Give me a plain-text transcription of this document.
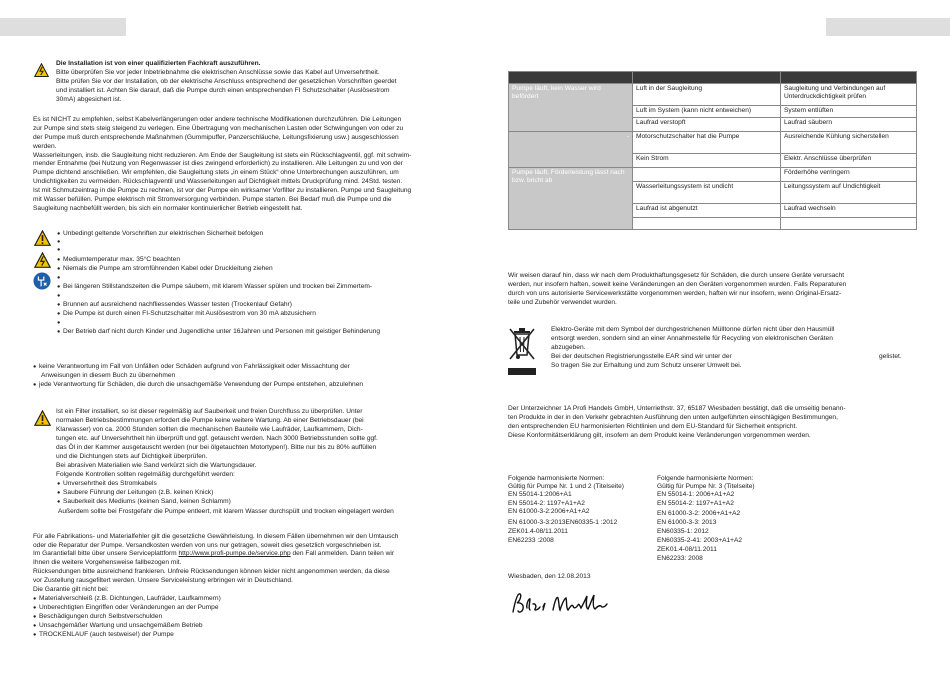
Die Installation ist von einer qualifizierten Fachkraft auszuführen.
Bitte überprüfen Sie vor jeder Inbetriebnahme die elektrischen Anschlüsse sowie das Kabel auf Unversehrtheit.
Bitte prüfen Sie vor der Installation, ob der elektrische Anschluss entsprechend der gesetzlichen Vorschriften geerdet
und installiert ist. Achten Sie darauf, daß die Pumpe durch einen entsprechenden FI Schutzschalter (Auslösestrom
30mA) abgesichert ist.
Es ist NICHT zu empfehlen, selbst Kabelverlängerungen oder andere technische Modifikationen durchzuführen. Die Leitungen
zur Pumpe sind stets steig steigend zu verlegen. Eine Übertragung von mechanischen Lasten oder Schwingungen von oder zu
der Pumpe muß durch entsprechende Maßnahmen (Gummipuffer, Panzerschläuche, Leitungsfixierung usw.) ausgeschlossen
werden.
Wasserleitungen, insb. die Saugleitung nicht reduzieren. Am Ende der Saugleitung ist stets ein Rückschlagventil, ggf. mit schwim-
mender Entnahme (bei Nutzung von Regenwasser ist dies zwingend erforderlich) zu installieren. Alle Leitungen zu und von der
Pumpe dichtend anschließen. Wir empfehlen, die Saugleitung stets „in einem Stück“ ohne Unterbrechungen auszuführen, um
Undichtigkeiten zu vermeiden. Rückschlagventil und Wasserleitungen auf Dichtigkeit mittels Druckprüfung mind. 24Std. testen.
Ist mit Schmutzeintrag in die Pumpe zu rechnen, ist vor der Pumpe ein wirksamer Vorfilter zu installieren. Pumpe und Saugleitung
mit Wasser befüllen. Pumpe elektrisch mit Stromversorgung verbinden. Pumpe starten. Bei Bedarf muß die Pumpe und die
Saugleitung nachbefüllt werden, bis sich ein normaler kontinuierlicher Betrieb eingestellt hat.
● Unbedingt geltende Vorschriften zur elektrischen Sicherheit befolgen
●
●
● Mediumtemperatur max. 35°C beachten
● Niemals die Pumpe am stromführenden Kabel oder Druckleitung ziehen
●
● Bei längeren Stillstandszeiten die Pumpe säubern, mit klarem Wasser spülen und trocken bei Zimmertem-
●
● Brunnen auf ausreichend nachfliessendes Wasser testen (Trockenlauf Gefahr)
● Die Pumpe ist durch einen FI-Schutzschalter mit Auslösestrom von 30 mA abzusichern
●
● Der Betrieb darf nicht durch Kinder und Jugendliche unter 16Jahren und Personen mit geistiger Behinderung
● keine Verantwortung im Fall von Unfällen oder Schäden aufgrund von Fahrlässigkeit oder Missachtung der
Anweisungen in diesem Buch zu übernehmen
● jede Verantwortung für Schäden, die durch die unsachgemäße Verwendung der Pumpe entstehen, abzulehnen
Ist ein Filter installiert, so ist dieser regelmäßig auf Sauberkeit und freien Durchfluss zu überprüfen. Unter
normalen Betriebsbestimmungen erfordert die Pumpe keine weitere Wartung. Ab einer Betriebsdauer (bei
Klarwasser) von ca. 2000 Stunden sollten die mechanischen Bauteile wie Laufräder, Laufkammern, Dich-
tungen etc. auf Unversehrtheit hin überprüft und ggf. getauscht werden. Nach 3000 Betriebsstunden sollte ggf.
das Öl in der Kammer ausgetauscht werden (nur bei ölgetauchten Motortypen!). Bitte nur bis zu 80% auffüllen
und die Dichtungen stets auf Dichtigkeit überprüfen.
Bei abrasiven Materialien wie Sand verkürzt sich die Wartungsdauer.
Folgende Kontrollen sollten regelmäßig durchgeführt werden:
● Unversehrtheit des Stromkabels
● Saubere Führung der Leitungen (z.B. keinen Knick)
● Sauberkeit des Mediums (keinen Sand, keinen Schlamm)
Außerdem sollte bei Frostgefahr die Pumpe entleert, mit klarem Wasser durchspült und trocken eingelagert werden
Für alle Fabrikations- und Materialfehler gilt die gesetzliche Gewährleistung. In diesem Fällen übernehmen wir den Umtausch
oder die Reparatur der Pumpe. Versandkosten werden von uns nur getragen, soweit dies gesetzlich vorgeschrieben ist.
Im Garantiefall bitte über unsere Serviceplattform http://www.profi-pumpe.de/service.php den Fall anmelden. Dann teilen wir
Ihnen die weitere Vorgehensweise fallbezogen mit.
Rücksendungen bitte ausreichend frankieren. Unfreie Rücksendungen können leider nicht angenommen werden, da diese
vor Zustellung rausgefiltert werden. Unsere Serviceleistung erbringen wir in Deutschland.
Die Garantie gilt nicht bei:
● Materialverschleiß (z.B. Dichtungen, Laufräder, Laufkammern)
● Unberechtigten Eingriffen oder Veränderungen an der Pumpe
● Beschädigungen durch Selbstverschulden
● Unsachgemäßer Wartung und unsachgemäßem Betrieb
● TROCKENLAUF (auch testweise!) der Pumpe

Pumpe läuft, kein Wasser wird befördert	Luft in der Saugleitung	Saugleitung und Verbindungen auf Unterdruckdichtigkeit prüfen
	Luft im System (kann nicht entweichen)	System entlüften
	Laufrad verstopft	Laufrad säubern
-	Motorschutzschalter hat die Pumpe	Ausreichende Kühlung sicherstellen
	Kein Strom	Elektr. Anschlüsse überprüfen
Pumpe läuft, Förderleistung lässt nach bzw. bricht ab		Förderhöhe verringern
	Wasserleitungssystem ist undicht	Leitungssystem auf Undichtigkeit
	Laufrad ist abgenutzt	Laufrad wechseln

Wir weisen darauf hin, dass wir nach dem Produkthaftungsgesetz für Schäden, die durch unsere Geräte verursacht
werden, nur insofern haften, soweit keine Veränderungen an den Geräten vorgenommen wurden. Falls Reparaturen
durch von uns autorisierte Servicewerkstätte vorgenommen werden, haften wir nur insofern, wenn Original-Ersatz-
teile und Zubehör verwendet wurden.
Elektro-Geräte mit dem Symbol der durchgestrichenen Mülltonne dürfen nicht über den Hausmüll
entsorgt werden, sondern sind an einer Annahmestelle für Recycling von elektronischen Geräten
abzugeben.
Bei der deutschen Registrierungsstelle EAR sind wir unter der	gelistet.
So tragen Sie zur Erhaltung und zum Schutz unserer Umwelt bei.
Der Unterzeichner 1A Profi Handels GmbH, Unterriethstr. 37, 65187 Wiesbaden bestätigt, daß die umseitig benann-
ten Produkte in der in den Verkehr gebrachten Ausführung den unten aufgeführten einschlägigen Bestimmungen,
den entsprechenden EU harmonisierten Richtlinien und dem EU-Standard für Sicherheit entspricht.
Diese Konformitätserklärung gilt, insofern an dem Produkt keine Veränderungen vorgenommen werden.
Folgende harmonisierte Normen:
Gültig für Pumpe Nr. 1 und 2 (Titelseite)
EN 55014-1:2006+A1
EN 55014-2: 1197+A1+A2
EN 61000-3-2:2006+A1+A2
EN 61000-3-3:2013EN60335-1 :2012
ZEK01.4-08/11.2011
EN62233 :2008
Folgende harmonisierte Normen:
Gültig für Pumpe Nr. 3 (Titelseite)
EN 55014-1: 2006+A1+A2
EN 55014-2: 1197+A1+A2
EN 61000-3-2: 2006+A1+A2
EN 61000-3-3: 2013
EN60335-1: 2012
EN60335-2-41: 2003+A1+A2
ZEK01.4-08/11.2011
EN62233: 2008
Wiesbaden, den 12.08.2013
